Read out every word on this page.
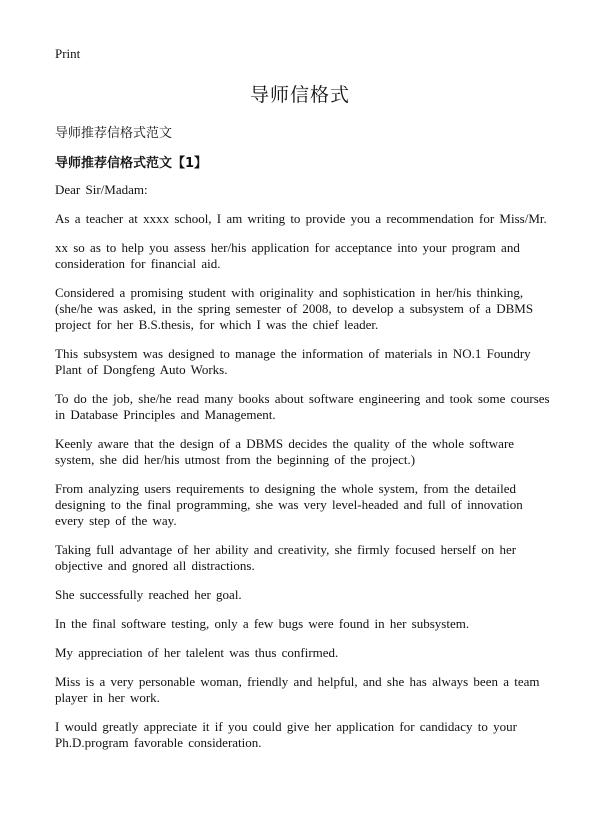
Print
导师信格式
导师推荐信格式范文
导师推荐信格式范文【1】

Dear Sir/Madam:

As a teacher at xxxx school, I am writing to provide you a recommendation for Miss/Mr.

xx so as to help you assess her/his application for acceptance into your program and consideration for financial aid.

Considered a promising student with originality and sophistication in her/his thinking, (she/he was asked, in the spring semester of 2008, to develop a subsystem of a DBMS project for her B.S.thesis, for which I was the chief leader.

This subsystem was designed to manage the information of materials in NO.1 Foundry Plant of Dongfeng Auto Works.

To do the job, she/he read many books about software engineering and took some courses in Database Principles and Management.

Keenly aware that the design of a DBMS decides the quality of the whole software system, she did her/his utmost from the beginning of the project.)

From analyzing users requirements to designing the whole system, from the detailed designing to the final programming, she was very level-headed and full of innovation every step of the way.

Taking full advantage of her ability and creativity, she firmly focused herself on her objective and gnored all distractions.

She successfully reached her goal.

In the final software testing, only a few bugs were found in her subsystem.

My appreciation of her talelent was thus confirmed.

Miss is a very personable woman, friendly and helpful, and she has always been a team player in her work.

I would greatly appreciate it if you could give her application for candidacy to your Ph.D.program favorable consideration.
